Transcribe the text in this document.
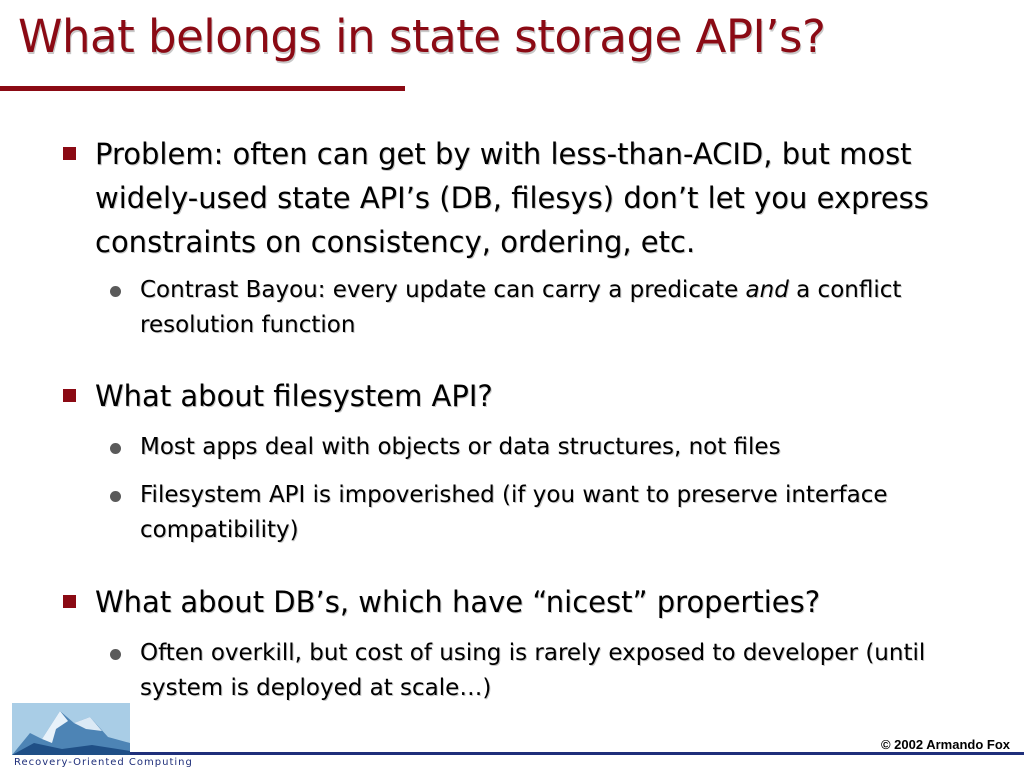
What belongs in state storage API’s?
Problem: often can get by with less-than-ACID, but most widely-used state API’s (DB, filesys) don’t let you express constraints on consistency, ordering, etc.
Contrast Bayou: every update can carry a predicate and a conflict resolution function
What about filesystem API?
Most apps deal with objects or data structures, not files
Filesystem API is impoverished (if you want to preserve interface compatibility)
What about DB’s, which have “nicest” properties?
Often overkill, but cost of using is rarely exposed to developer (until system is deployed at scale…)
Recovery-Oriented Computing
© 2002 Armando Fox
